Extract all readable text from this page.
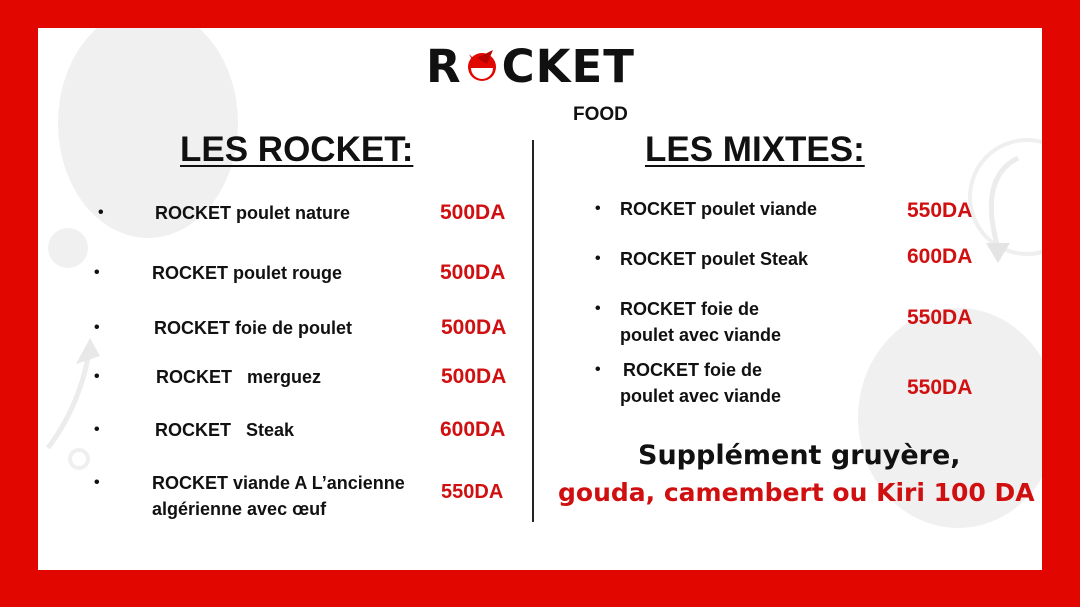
R CKET
FOOD
LES ROCKET:	LES MIXTES:
•	ROCKET poulet nature	500DA
•	ROCKET poulet rouge	500DA
•	ROCKET foie de poulet	500DA
•	ROCKET   merguez	500DA
•	ROCKET   Steak	600DA
•	ROCKET viande A L’ancienne
algérienne avec œuf
550DA
• ROCKET poulet viande	550DA
• ROCKET poulet Steak	600DA
• ROCKET foie de
poulet avec viande
550DA
• ROCKET foie de
poulet avec viande	550DA
Supplément gruyère,
gouda, camembert ou Kiri 100 DA
